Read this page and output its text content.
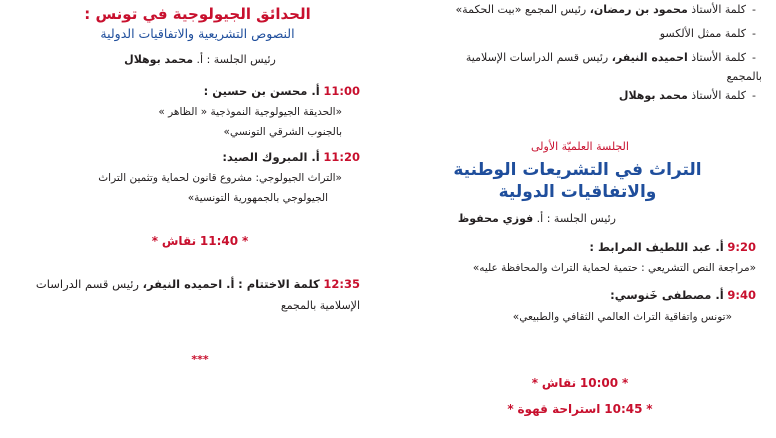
- كلمة الأستاذ محمود بن رمضان، رئيس المجمع «بيت الحكمة»
- كلمة ممثل الألكسو
- كلمة الأستاذ احميده النيفر، رئيس قسم الدراسات الإسلامية
بالمجمع
- كلمة الأستاذ محمد بوهلال
الجلسة العلميّة الأولى
التراث في التشريعات الوطنية
والاتفاقيات الدولية
رئيس الجلسة : أ. فوزي محفوظ
9:20 أ. عبد اللطيف المرابط :
«مراجعة النص التشريعي : حتمية لحماية التراث والمحافظة عليه»
9:40 أ. مصطفى خَنوسي:
«تونس واتفاقية التراث العالمي الثقافي والطبيعي»
* 10:00 نقاش *
* 10:45 استراحة قهوة *
الحدائق الجيولوجية في تونس :
النصوص التشريعية والاتفاقيات الدولية
رئيس الجلسة : أ. محمد بوهلال
11:00 أ. محسن بن حسين :
«الحديقة الجيولوجية النموذجية « الظاهر »
بالجنوب الشرقي التونسي»
11:20 أ. المبروك الصيد:
«التراث الجيولوجي: مشروع قانون لحماية وتثمين التراث
الجيولوجي بالجمهورية التونسية»
* 11:40 نقاش *
12:35 كلمة الاختتام : أ. احميده النيفر، رئيس قسم الدراسات
الإسلامية بالمجمع
***
